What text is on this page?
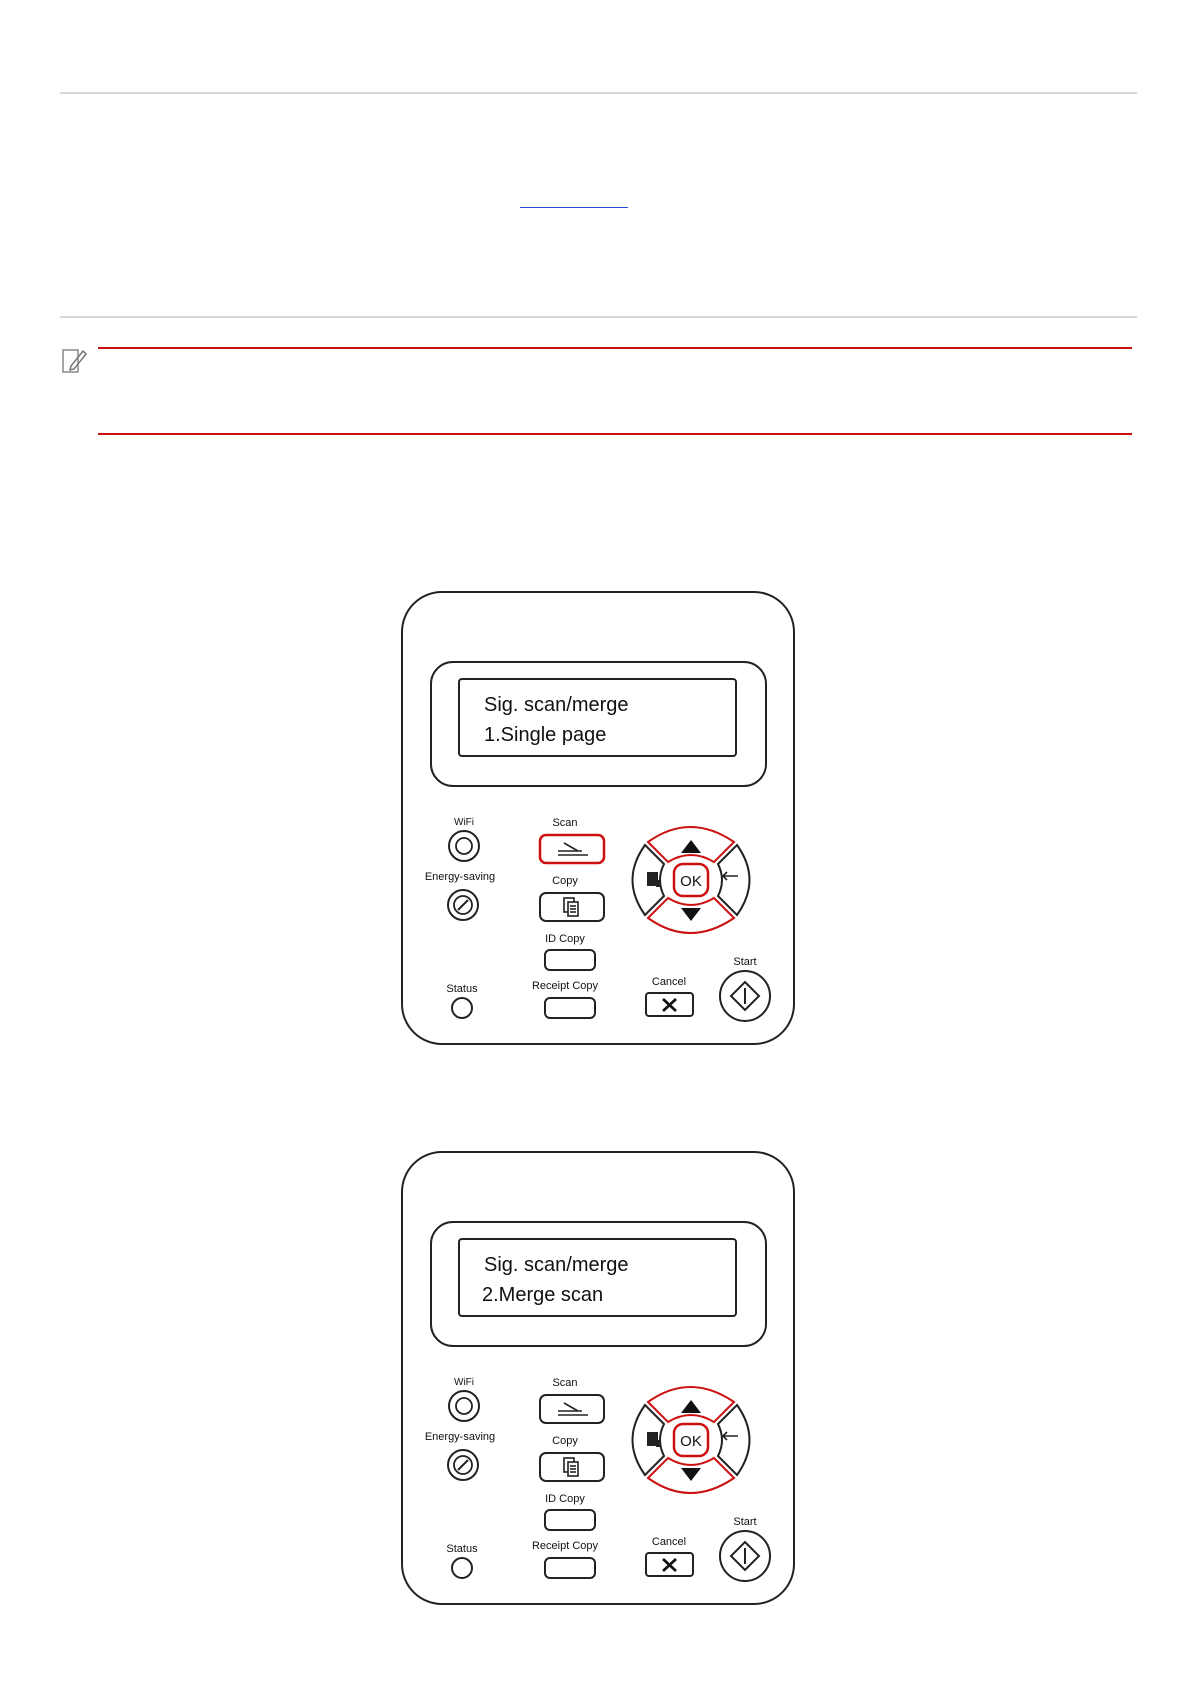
Sig. scan/merge
1.Single page
WiFi
Energy-saving
Status
Scan
Copy
ID Copy
Receipt Copy
OK
Cancel
Start
Sig. scan/merge
2.Merge scan
WiFi
Energy-saving
Status
Scan
Copy
ID Copy
Receipt Copy
OK
Cancel
Start
